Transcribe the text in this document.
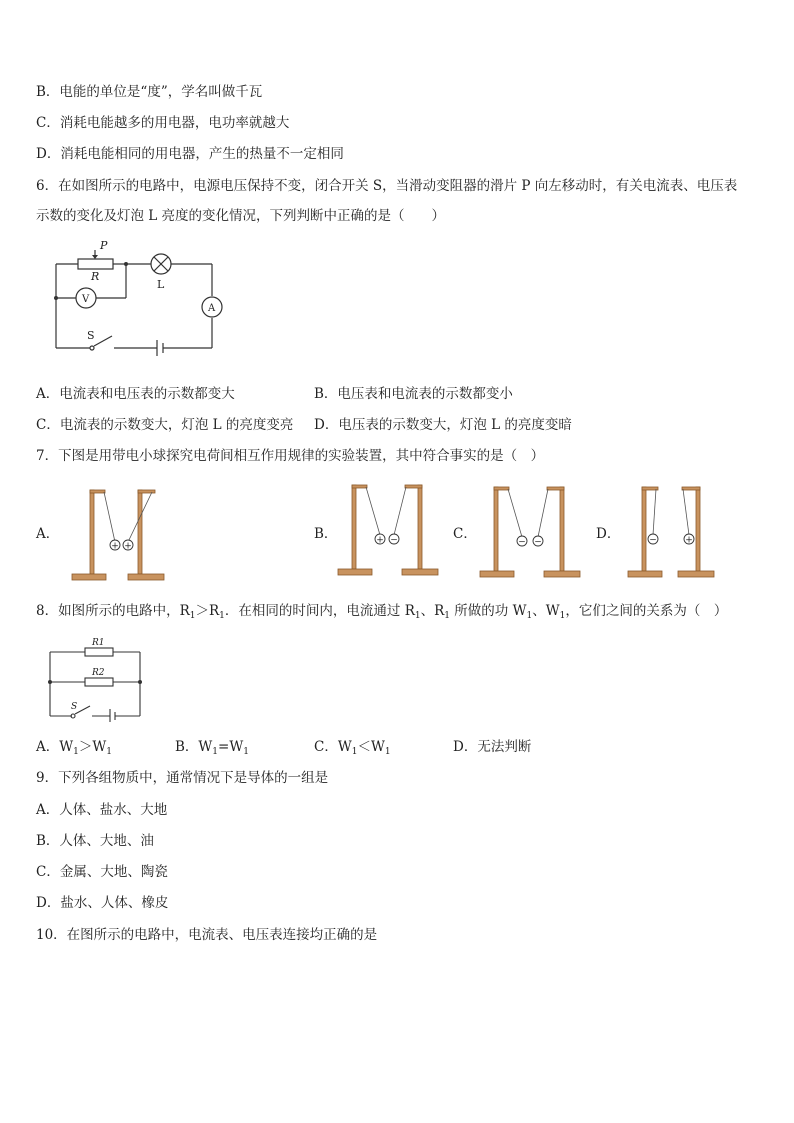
B．电能的单位是“度”，学名叫做千瓦
C．消耗电能越多的用电器，电功率就越大
D．消耗电能相同的用电器，产生的热量不一定相同
6．在如图所示的电路中，电源电压保持不变，闭合开关 S，当滑动变阻器的滑片 P 向左移动时，有关电流表、电压表
示数的变化及灯泡 L 亮度的变化情况，下列判断中正确的是（　　）
P
R
V
L
A
S
A．电流表和电压表的示数都变大	B．电压表和电流表的示数都变小
C．电流表的示数变大，灯泡 L 的亮度变亮 D．电压表的示数变大，灯泡 L 的亮度变暗
7．下图是用带电小球探究电荷间相互作用规律的实验装置，其中符合事实的是（　）
A．	B．	C．	D．
+ +
+ −	− −	−	+
8．如图所示的电路中，$R_1>R_1$．在相同的时间内，电流通过 $R_1$、$R_1$ 所做的功 $W_1$、$W_1$，它们之间的关系为（　）
R1
R2
S
A．$W_1>W_1$	B．$W_1=W_1$	C．$W_1<W_1$	D．无法判断
9．下列各组物质中，通常情况下是导体的一组是
A．人体、盐水、大地
B．人体、大地、油
C．金属、大地、陶瓷
D．盐水、人体、橡皮
10．在图所示的电路中，电流表、电压表连接均正确的是
